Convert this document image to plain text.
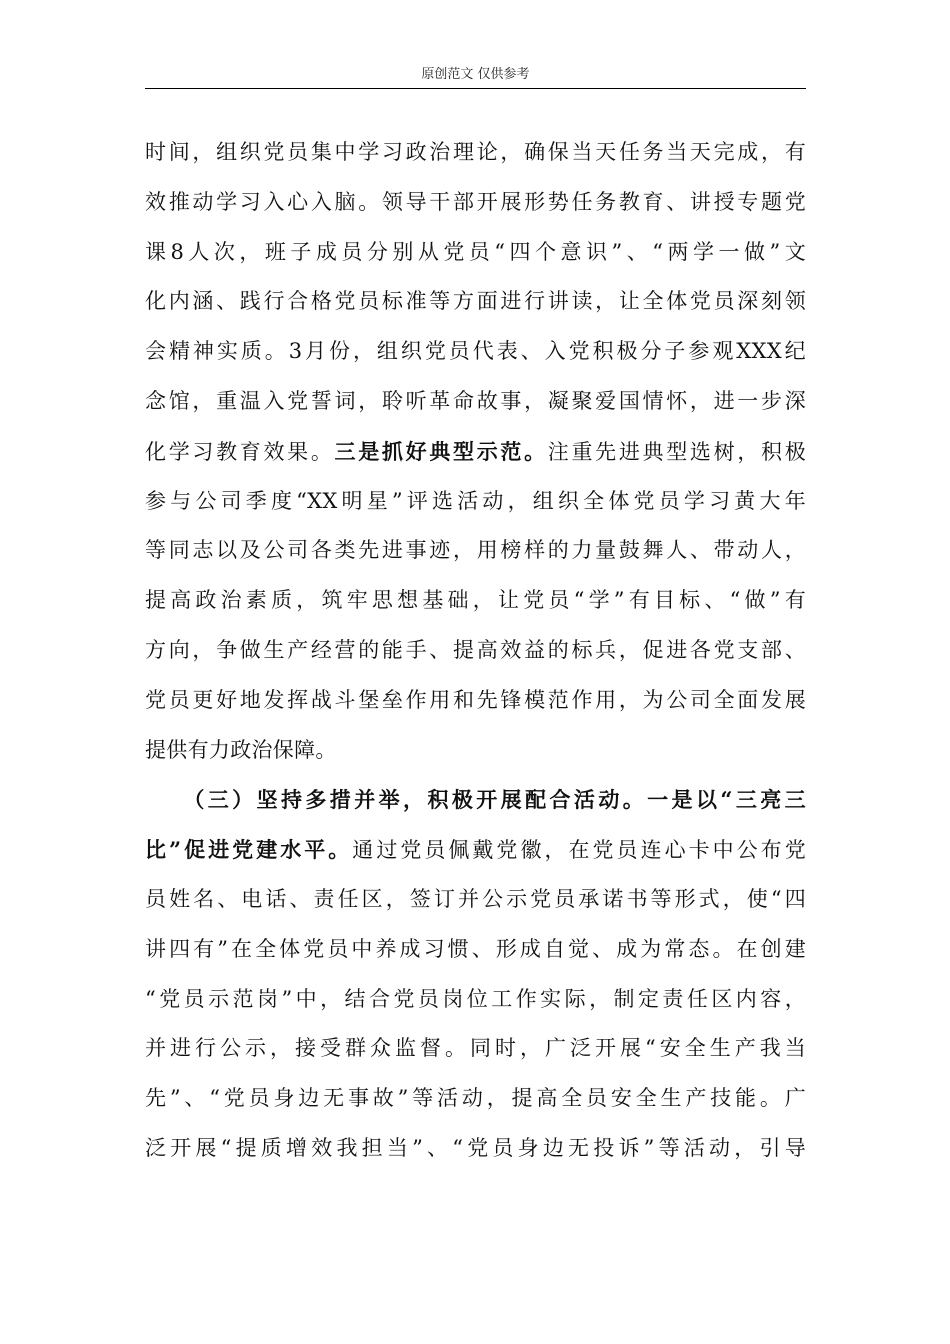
原创范文 仅供参考
时间，组织党员集中学习政治理论，确保当天任务当天完成，有
效推动学习入心入脑。领导干部开展形势任务教育、讲授专题党
课8人次，班子成员分别从党员“四个意识”、“两学一做”文
化内涵、践行合格党员标准等方面进行讲读，让全体党员深刻领
会精神实质。3月份，组织党员代表、入党积极分子参观XXX纪
念馆，重温入党誓词，聆听革命故事，凝聚爱国情怀，进一步深
化学习教育效果。三是抓好典型示范。注重先进典型选树，积极
参与公司季度“XX明星”评选活动，组织全体党员学习黄大年
等同志以及公司各类先进事迹，用榜样的力量鼓舞人、带动人，
提高政治素质，筑牢思想基础，让党员“学”有目标、“做”有
方向，争做生产经营的能手、提高效益的标兵，促进各党支部、
党员更好地发挥战斗堡垒作用和先锋模范作用，为公司全面发展
提供有力政治保障。
　　（三）坚持多措并举，积极开展配合活动。一是以“三亮三
比”促进党建水平。通过党员佩戴党徽，在党员连心卡中公布党
员姓名、电话、责任区，签订并公示党员承诺书等形式，使“四
讲四有”在全体党员中养成习惯、形成自觉、成为常态。在创建
“党员示范岗”中，结合党员岗位工作实际，制定责任区内容，
并进行公示，接受群众监督。同时，广泛开展“安全生产我当
先”、“党员身边无事故”等活动，提高全员安全生产技能。广
泛开展“提质增效我担当”、“党员身边无投诉”等活动，引导
